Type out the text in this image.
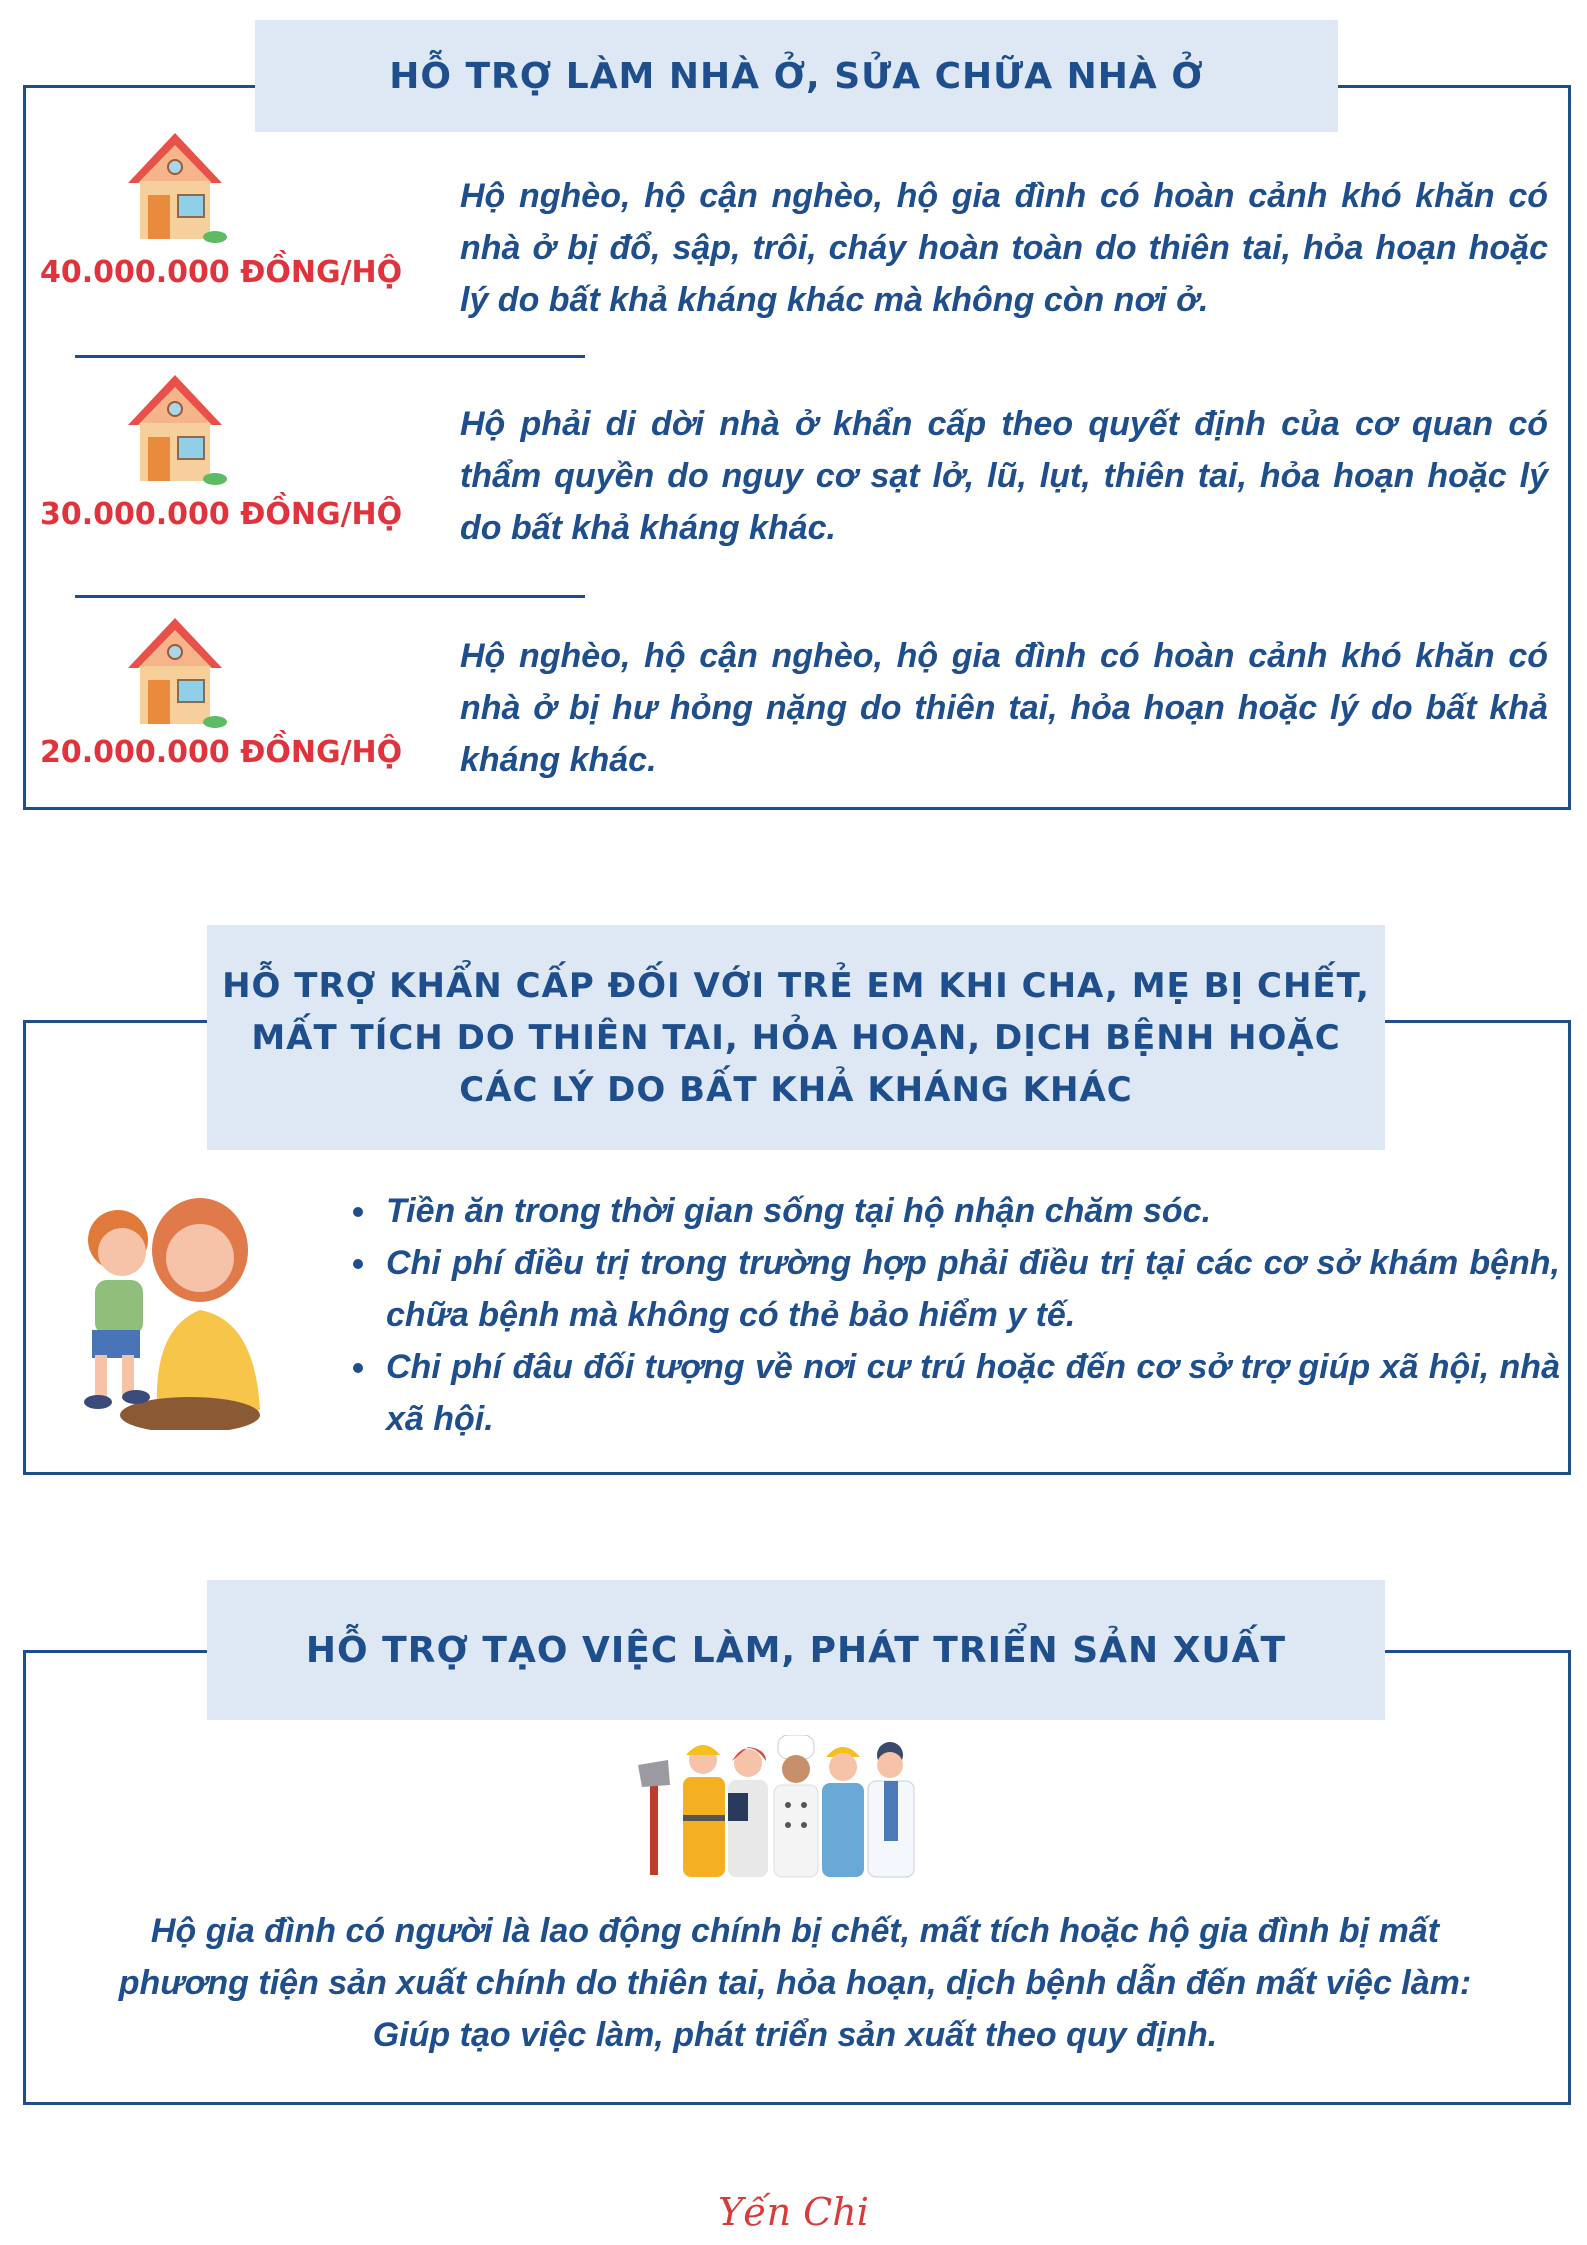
HỖ TRỢ LÀM NHÀ Ở, SỬA CHỮA NHÀ Ở
40.000.000 ĐỒNG/HỘ
Hộ nghèo, hộ cận nghèo, hộ gia đình có hoàn cảnh khó khăn có nhà ở bị đổ, sập, trôi, cháy hoàn toàn do thiên tai, hỏa hoạn hoặc lý do bất khả kháng khác mà không còn nơi ở.
30.000.000 ĐỒNG/HỘ
Hộ phải di dời nhà ở khẩn cấp theo quyết định của cơ quan có thẩm quyền do nguy cơ sạt lở, lũ, lụt, thiên tai, hỏa hoạn hoặc lý do bất khả kháng khác.
20.000.000 ĐỒNG/HỘ
Hộ nghèo, hộ cận nghèo, hộ gia đình có hoàn cảnh khó khăn có nhà ở bị hư hỏng nặng do thiên tai, hỏa hoạn hoặc lý do bất khả kháng khác.
HỖ TRỢ KHẨN CẤP ĐỐI VỚI TRẺ EM KHI CHA, MẸ BỊ CHẾT,
MẤT TÍCH DO THIÊN TAI, HỎA HOẠN, DỊCH BỆNH HOẶC
CÁC LÝ DO BẤT KHẢ KHÁNG KHÁC
• Tiền ăn trong thời gian sống tại hộ nhận chăm sóc.
• Chi phí điều trị trong trường hợp phải điều trị tại các cơ sở khám bệnh, chữa bệnh mà không có thẻ bảo hiểm y tế.
• Chi phí đâu đối tượng về nơi cư trú hoặc đến cơ sở trợ giúp xã hội, nhà xã hội.
HỖ TRỢ TẠO VIỆC LÀM, PHÁT TRIỂN SẢN XUẤT
Hộ gia đình có người là lao động chính bị chết, mất tích hoặc hộ gia đình bị mất
phương tiện sản xuất chính do thiên tai, hỏa hoạn, dịch bệnh dẫn đến mất việc làm:
Giúp tạo việc làm, phát triển sản xuất theo quy định.
Yến Chi
